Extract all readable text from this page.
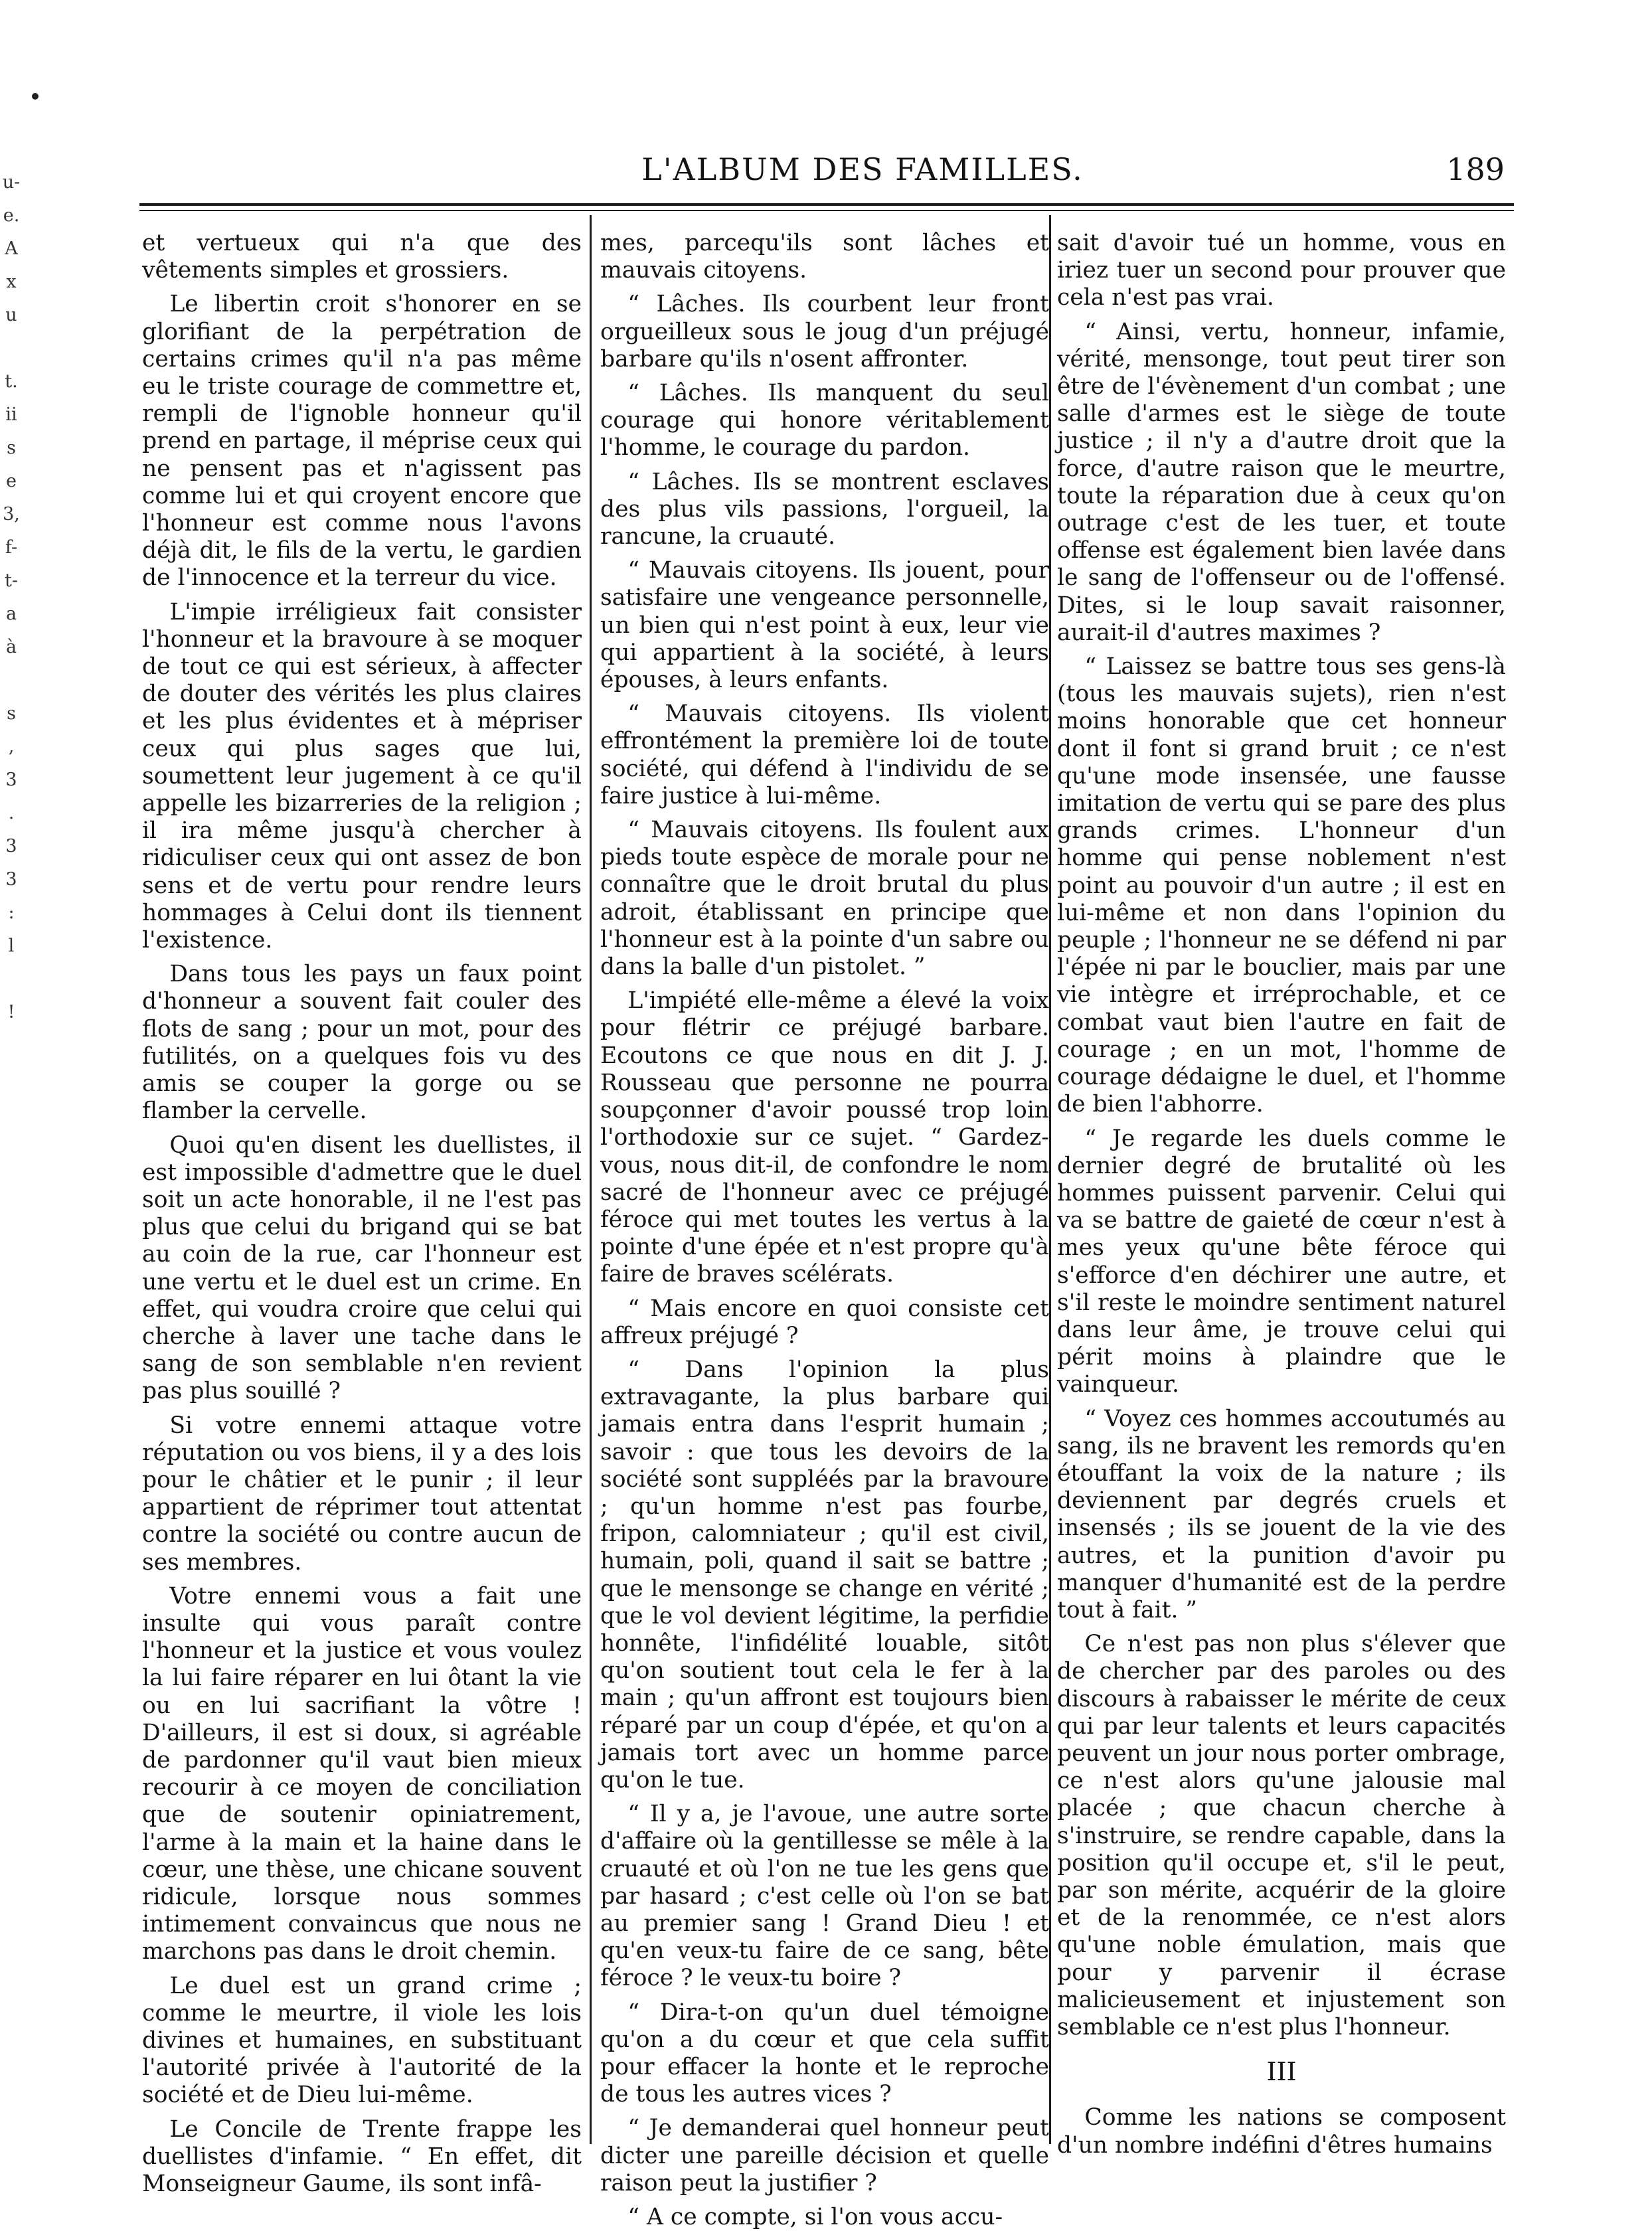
u-
e.
A
x
u
t.
ii
s
e
3,
f-
t-
a
à
s
,
3
.
3
3
:
l
!
L'ALBUM DES FAMILLES.	189

et vertueux qui n'a que des vêtements simples et grossiers.

Le libertin croit s'honorer en se glorifiant de la perpétration de certains crimes qu'il n'a pas même eu le triste courage de commettre et, rempli de l'ignoble honneur qu'il prend en partage, il méprise ceux qui ne pensent pas et n'agissent pas comme lui et qui croyent encore que l'honneur est comme nous l'avons déjà dit, le fils de la vertu, le gardien de l'innocence et la terreur du vice.

L'impie irréligieux fait consister l'honneur et la bravoure à se moquer de tout ce qui est sérieux, à affecter de douter des vérités les plus claires et les plus évidentes et à mépriser ceux qui plus sages que lui, soumettent leur jugement à ce qu'il appelle les bizarreries de la religion ; il ira même jusqu'à chercher à ridiculiser ceux qui ont assez de bon sens et de vertu pour rendre leurs hommages à Celui dont ils tiennent l'existence.

Dans tous les pays un faux point d'honneur a souvent fait couler des flots de sang ; pour un mot, pour des futilités, on a quelques fois vu des amis se couper la gorge ou se flamber la cervelle.

Quoi qu'en disent les duellistes, il est impossible d'admettre que le duel soit un acte honorable, il ne l'est pas plus que celui du brigand qui se bat au coin de la rue, car l'honneur est une vertu et le duel est un crime. En effet, qui voudra croire que celui qui cherche à laver une tache dans le sang de son semblable n'en revient pas plus souillé ?

Si votre ennemi attaque votre réputation ou vos biens, il y a des lois pour le châtier et le punir ; il leur appartient de réprimer tout attentat contre la société ou contre aucun de ses membres.

Votre ennemi vous a fait une insulte qui vous paraît contre l'honneur et la justice et vous voulez la lui faire réparer en lui ôtant la vie ou en lui sacrifiant la vôtre ! D'ailleurs, il est si doux, si agréable de pardonner qu'il vaut bien mieux recourir à ce moyen de conciliation que de soutenir opiniatrement, l'arme à la main et la haine dans le cœur, une thèse, une chicane souvent ridicule, lorsque nous sommes intimement convaincus que nous ne marchons pas dans le droit chemin.

Le duel est un grand crime ; comme le meurtre, il viole les lois divines et humaines, en substituant l'autorité privée à l'autorité de la société et de Dieu lui-même.

Le Concile de Trente frappe les duellistes d'infamie. “ En effet, dit Monseigneur Gaume, ils sont infâ-

mes, parcequ'ils sont lâches et mauvais citoyens.

“ Lâches. Ils courbent leur front orgueilleux sous le joug d'un préjugé barbare qu'ils n'osent affronter.

“ Lâches. Ils manquent du seul courage qui honore véritablement l'homme, le courage du pardon.

“ Lâches. Ils se montrent esclaves des plus vils passions, l'orgueil, la rancune, la cruauté.

“ Mauvais citoyens. Ils jouent, pour satisfaire une vengeance personnelle, un bien qui n'est point à eux, leur vie qui appartient à la société, à leurs épouses, à leurs enfants.

“ Mauvais citoyens. Ils violent effrontément la première loi de toute société, qui défend à l'individu de se faire justice à lui-même.

“ Mauvais citoyens. Ils foulent aux pieds toute espèce de morale pour ne connaître que le droit brutal du plus adroit, établissant en principe que l'honneur est à la pointe d'un sabre ou dans la balle d'un pistolet. ”

L'impiété elle-même a élevé la voix pour flétrir ce préjugé barbare. Ecoutons ce que nous en dit J. J. Rousseau que personne ne pourra soupçonner d'avoir poussé trop loin l'orthodoxie sur ce sujet. “ Gardez-vous, nous dit-il, de confondre le nom sacré de l'honneur avec ce préjugé féroce qui met toutes les vertus à la pointe d'une épée et n'est propre qu'à faire de braves scélérats.

“ Mais encore en quoi consiste cet affreux préjugé ?

“ Dans l'opinion la plus extravagante, la plus barbare qui jamais entra dans l'esprit humain ; savoir : que tous les devoirs de la société sont suppléés par la bravoure ; qu'un homme n'est pas fourbe, fripon, calomniateur ; qu'il est civil, humain, poli, quand il sait se battre ; que le mensonge se change en vérité ; que le vol devient légitime, la perfidie honnête, l'infidélité louable, sitôt qu'on soutient tout cela le fer à la main ; qu'un affront est toujours bien réparé par un coup d'épée, et qu'on a jamais tort avec un homme parce qu'on le tue.

“ Il y a, je l'avoue, une autre sorte d'affaire où la gentillesse se mêle à la cruauté et où l'on ne tue les gens que par hasard ; c'est celle où l'on se bat au premier sang ! Grand Dieu ! et qu'en veux-tu faire de ce sang, bête féroce ? le veux-tu boire ?

“ Dira-t-on qu'un duel témoigne qu'on a du cœur et que cela suffit pour effacer la honte et le reproche de tous les autres vices ?

“ Je demanderai quel honneur peut dicter une pareille décision et quelle raison peut la justifier ?

“ A ce compte, si l'on vous accu-

sait d'avoir tué un homme, vous en iriez tuer un second pour prouver que cela n'est pas vrai.

“ Ainsi, vertu, honneur, infamie, vérité, mensonge, tout peut tirer son être de l'évènement d'un combat ; une salle d'armes est le siège de toute justice ; il n'y a d'autre droit que la force, d'autre raison que le meurtre, toute la réparation due à ceux qu'on outrage c'est de les tuer, et toute offense est également bien lavée dans le sang de l'offenseur ou de l'offensé. Dites, si le loup savait raisonner, aurait-il d'autres maximes ?

“ Laissez se battre tous ses gens-là (tous les mauvais sujets), rien n'est moins honorable que cet honneur dont il font si grand bruit ; ce n'est qu'une mode insensée, une fausse imitation de vertu qui se pare des plus grands crimes. L'honneur d'un homme qui pense noblement n'est point au pouvoir d'un autre ; il est en lui-même et non dans l'opinion du peuple ; l'honneur ne se défend ni par l'épée ni par le bouclier, mais par une vie intègre et irréprochable, et ce combat vaut bien l'autre en fait de courage ; en un mot, l'homme de courage dédaigne le duel, et l'homme de bien l'abhorre.

“ Je regarde les duels comme le dernier degré de brutalité où les hommes puissent parvenir. Celui qui va se battre de gaieté de cœur n'est à mes yeux qu'une bête féroce qui s'efforce d'en déchirer une autre, et s'il reste le moindre sentiment naturel dans leur âme, je trouve celui qui périt moins à plaindre que le vainqueur.

“ Voyez ces hommes accoutumés au sang, ils ne bravent les remords qu'en étouffant la voix de la nature ; ils deviennent par degrés cruels et insensés ; ils se jouent de la vie des autres, et la punition d'avoir pu manquer d'humanité est de la perdre tout à fait. ”

Ce n'est pas non plus s'élever que de chercher par des paroles ou des discours à rabaisser le mérite de ceux qui par leur talents et leurs capacités peuvent un jour nous porter ombrage, ce n'est alors qu'une jalousie mal placée ; que chacun cherche à s'instruire, se rendre capable, dans la position qu'il occupe et, s'il le peut, par son mérite, acquérir de la gloire et de la renommée, ce n'est alors qu'une noble émulation, mais que pour y parvenir il écrase malicieusement et injustement son semblable ce n'est plus l'honneur.

III

Comme les nations se composent d'un nombre indéfini d'êtres humains
